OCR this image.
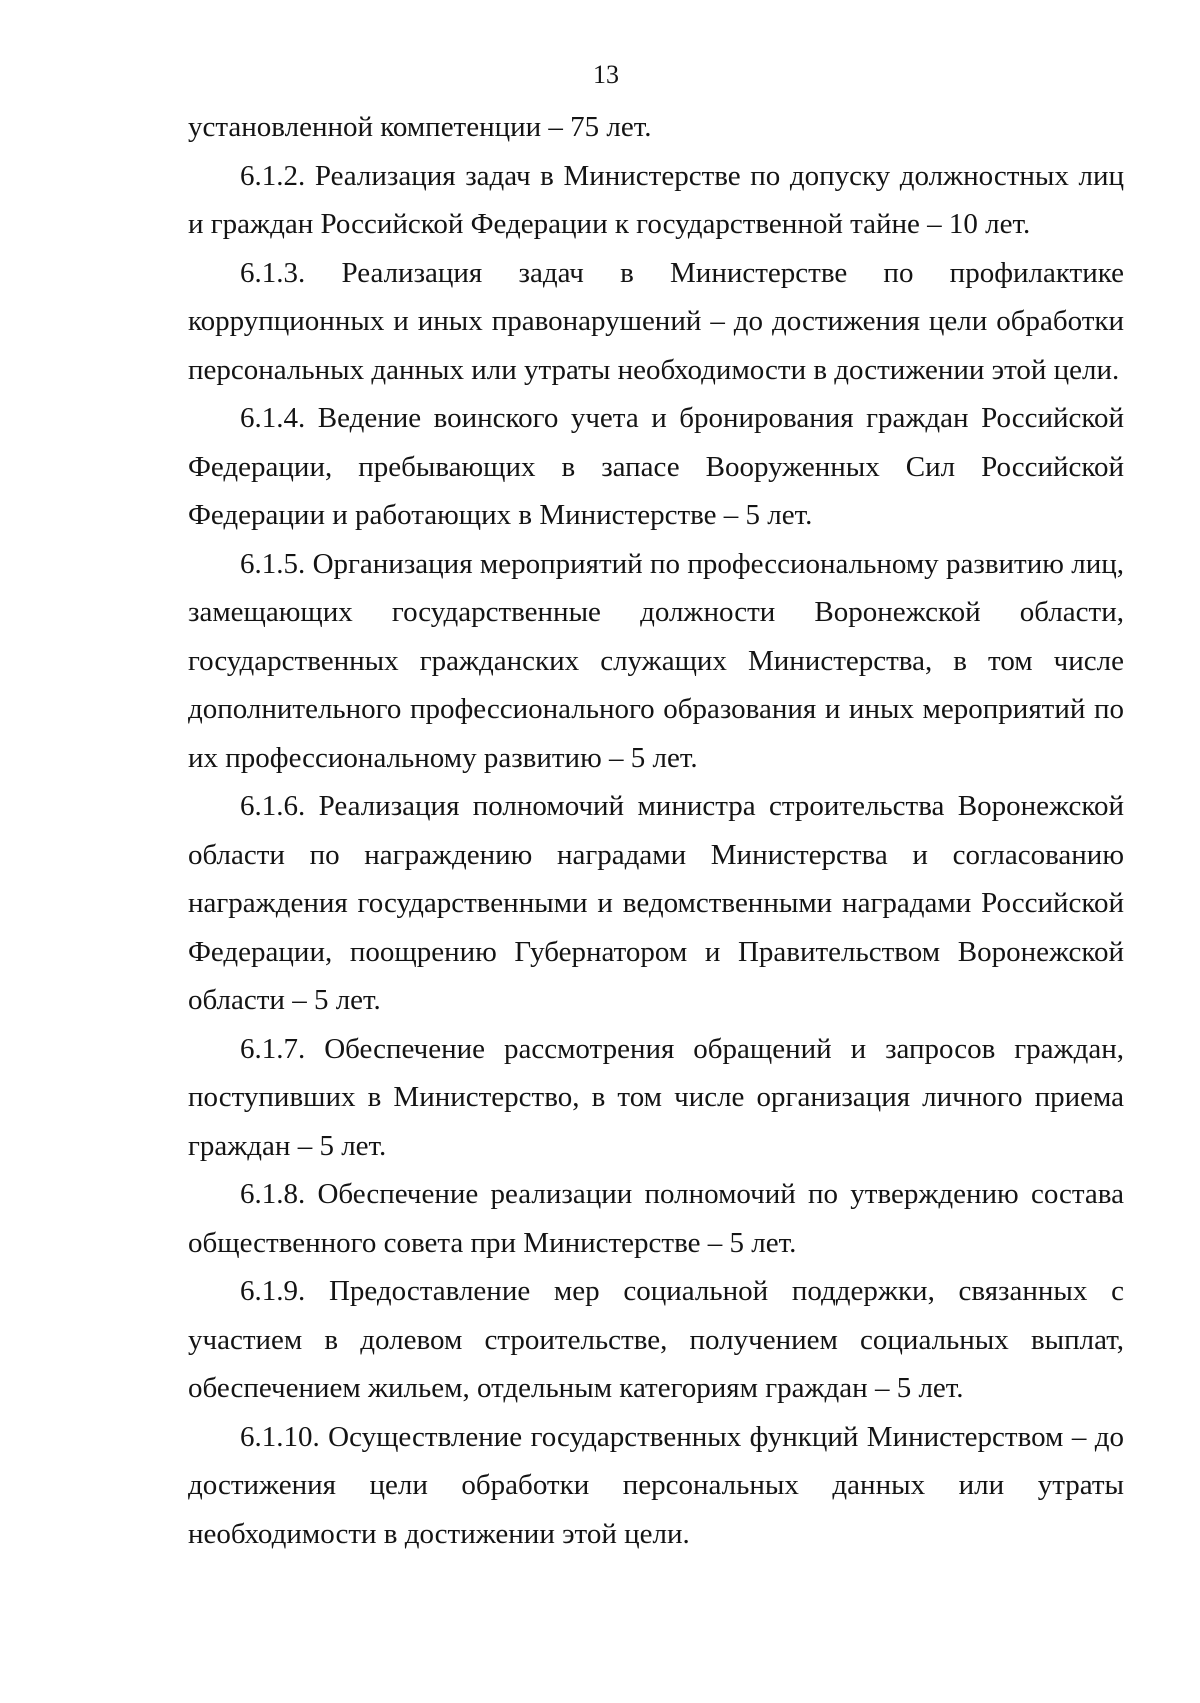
13

установленной компетенции – 75 лет.

6.1.2. Реализация задач в Министерстве по допуску должностных лиц и граждан Российской Федерации к государственной тайне – 10 лет.

6.1.3. Реализация задач в Министерстве по профилактике коррупционных и иных правонарушений – до достижения цели обработки персональных данных или утраты необходимости в достижении этой цели.

6.1.4. Ведение воинского учета и бронирования граждан Российской Федерации, пребывающих в запасе Вооруженных Сил Российской Федерации и работающих в Министерстве – 5 лет.

6.1.5. Организация мероприятий по профессиональному развитию лиц, замещающих государственные должности Воронежской области, государственных гражданских служащих Министерства, в том числе дополнительного профессионального образования и иных мероприятий по их профессиональному развитию – 5 лет.

6.1.6. Реализация полномочий министра строительства Воронежской области по награждению наградами Министерства и согласованию награждения государственными и ведомственными наградами Российской Федерации, поощрению Губернатором и Правительством Воронежской области – 5 лет.

6.1.7. Обеспечение рассмотрения обращений и запросов граждан, поступивших в Министерство, в том числе организация личного приема граждан – 5 лет.

6.1.8. Обеспечение реализации полномочий по утверждению состава общественного совета при Министерстве – 5 лет.

6.1.9. Предоставление мер социальной поддержки, связанных с участием в долевом строительстве, получением социальных выплат, обеспечением жильем, отдельным категориям граждан – 5 лет.

6.1.10. Осуществление государственных функций Министерством – до достижения цели обработки персональных данных или утраты необходимости в достижении этой цели.
